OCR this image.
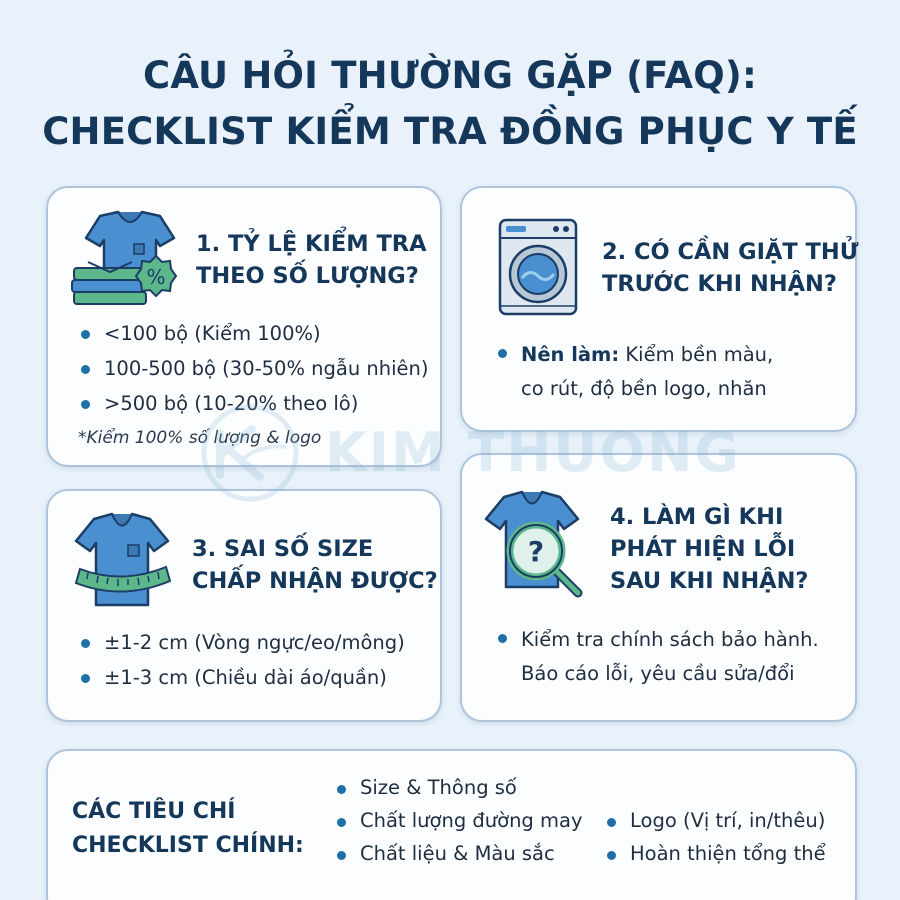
CÂU HỎI THƯỜNG GẶP (FAQ):
CHECKLIST KIỂM TRA ĐỒNG PHỤC Y TẾ
%
1. TỶ LỆ KIỂM TRA
THEO SỐ LƯỢNG?
<100 bộ (Kiểm 100%)
100-500 bộ (30-50% ngẫu nhiên)
>500 bộ (10-20% theo lô)
*Kiểm 100% số lượng & logo
2. CÓ CẦN GIẶT THỬ
TRƯỚC KHI NHẬN?
Nên làm: Kiểm bền màu,
co rút, độ bền logo, nhăn
3. SAI SỐ SIZE
CHẤP NHẬN ĐƯỢC?
±1-2 cm (Vòng ngực/eo/mông)
±1-3 cm (Chiều dài áo/quần)
?
4. LÀM GÌ KHI
PHÁT HIỆN LỖI
SAU KHI NHẬN?
Kiểm tra chính sách bảo hành.
Báo cáo lỗi, yêu cầu sửa/đổi
CÁC TIÊU CHÍ
CHECKLIST CHÍNH:
Size & Thông số
Chất lượng đường may
Chất liệu & Màu sắc
Logo (Vị trí, in/thêu)
Hoàn thiện tổng thể
KIM THUONG
